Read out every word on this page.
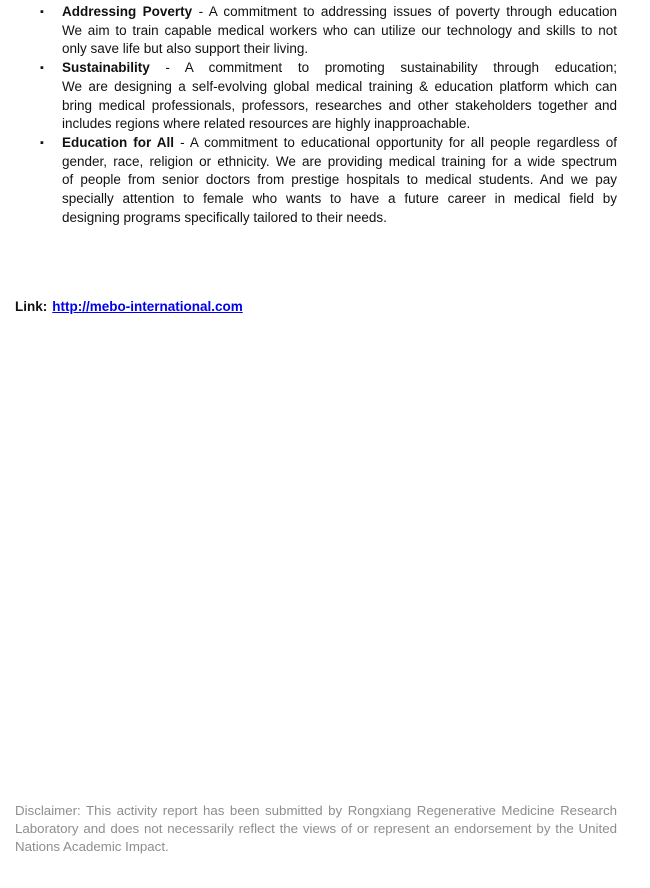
▪ Addressing Poverty - A commitment to addressing issues of poverty through education
We aim to train capable medical workers who can utilize our technology and skills to not
only save life but also support their living.
▪ Sustainability - A commitment to promoting sustainability through education;
We are designing a self-evolving global medical training & education platform which can
bring medical professionals, professors, researches and other stakeholders together and
includes regions where related resources are highly inapproachable.
▪ Education for All - A commitment to educational opportunity for all people regardless of
gender, race, religion or ethnicity. We are providing medical training for a wide spectrum
of people from senior doctors from prestige hospitals to medical students. And we pay
specially attention to female who wants to have a future career in medical field by
designing programs specifically tailored to their needs.
Link: http://mebo-international.com
Disclaimer: This activity report has been submitted by Rongxiang Regenerative Medicine Research
Laboratory and does not necessarily reflect the views of or represent an endorsement by the United
Nations Academic Impact.
